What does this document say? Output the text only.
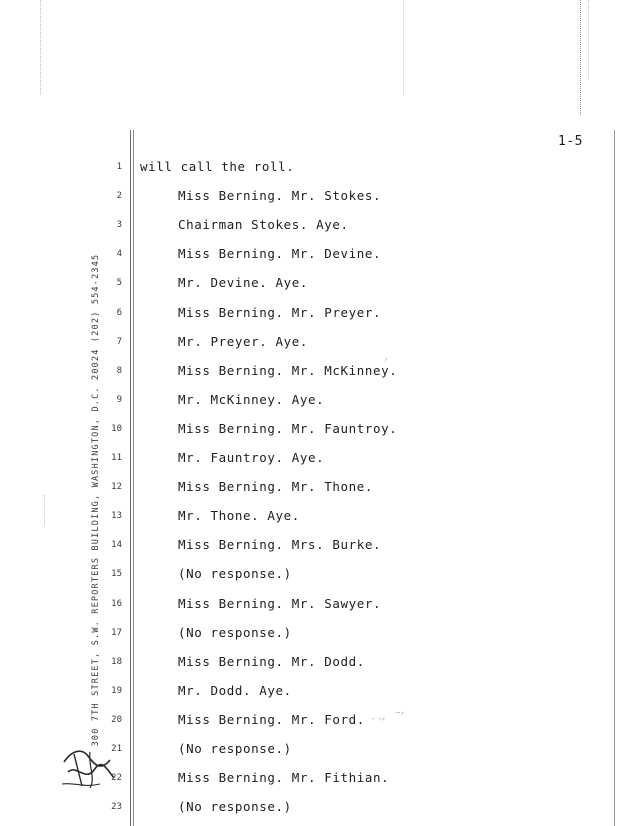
1-5
300 7TH STREET, S.W. REPORTERS BUILDING, WASHINGTON, D.C. 20024 (202) 554-2345
1 will call the roll.
2	Miss Berning. Mr. Stokes.
3	Chairman Stokes. Aye.
4	Miss Berning. Mr. Devine.
5	Mr. Devine. Aye.
6	Miss Berning. Mr. Preyer.
7	Mr. Preyer. Aye.
8	Miss Berning. Mr. McKinney.
9	Mr. McKinney. Aye.
10	Miss Berning. Mr. Fauntroy.
11	Mr. Fauntroy. Aye.
12	Miss Berning. Mr. Thone.
13	Mr. Thone. Aye.
14	Miss Berning. Mrs. Burke.
15	(No response.)
16	Miss Berning. Mr. Sawyer.
17	(No response.)
18	Miss Berning. Mr. Dodd.
19	Mr. Dodd. Aye.
20	Miss Berning. Mr. Ford.
21	(No response.)
22	Miss Berning. Mr. Fithian.
23	(No response.)
⸝
⸳ ⸳⸝
⸳⸳⸝
